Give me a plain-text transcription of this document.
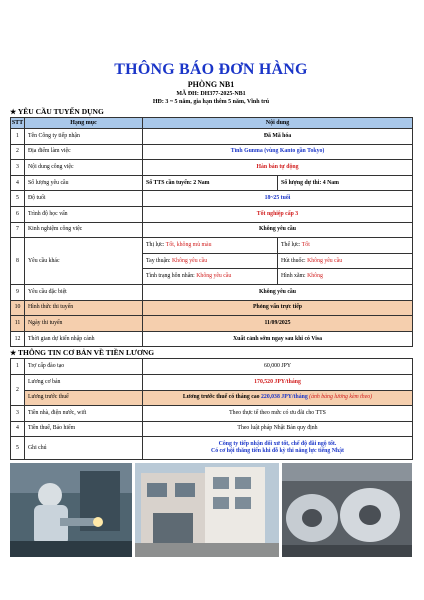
THÔNG BÁO ĐƠN HÀNG
PHÒNG NB1
MÃ ĐH: DH377-2025-NB1
HĐ: 3 ~ 5 năm, gia hạn thêm 5 năm, Vĩnh trú
★ YÊU CẦU TUYỂN DỤNG
STT	Hạng mục	Nội dung	
1	Tên Công ty tiếp nhận	Đã Mã hóa	
2	Địa điểm làm việc	Tỉnh Gunma (vùng Kanto gần Tokyo)	
3	Nội dung công việc	Hàn bán tự động	
4	Số lượng yêu cầu	Số TTS cần tuyển: 2 Nam	Số lượng dự thi: 4 Nam
5	Độ tuổi	18~25 tuổi	
6	Trình độ học vấn	Tốt nghiệp cấp 3	
7	Kinh nghiệm công việc	Không yêu cầu	
8	Yêu cầu khác	Thị lực: Tốt, không mù màu	Thể lực: Tốt
		Tay thuận: Không yêu cầu	Hút thuốc: Không yêu cầu
		Tình trạng hôn nhân: Không yêu cầu	Hình xăm: Không
9	Yêu cầu đặc biệt	Không yêu cầu	
10	Hình thức thi tuyển	Phỏng vấn trực tiếp	
11	Ngày thi tuyển	11/09/2025	
12	Thời gian dự kiến nhập cảnh	Xuất cảnh sớm ngay sau khi có Visa	
★ THÔNG TIN CƠ BẢN VỀ TIỀN LƯƠNG
1	Trợ cấp đào tạo	60,000 JPY
2	Lương cơ bản	170,520 JPY/tháng
	Lương trước thuế	Lương trước thuế có tháng cao 220,038 JPY/tháng (ảnh bảng lương kèm theo)
3	Tiền nhà, điện nước, wifi	Theo thực tế theo mức có ưu đãi cho TTS
4	Tiền thuế, Bảo hiểm	Theo luật pháp Nhật Bản quy định
5	Ghi chú	Công ty tiếp nhận đối xử tốt, chế độ đãi ngộ tốt.
Có cơ hội thăng tiến khi đỗ kỳ thi năng lực tiếng Nhật
